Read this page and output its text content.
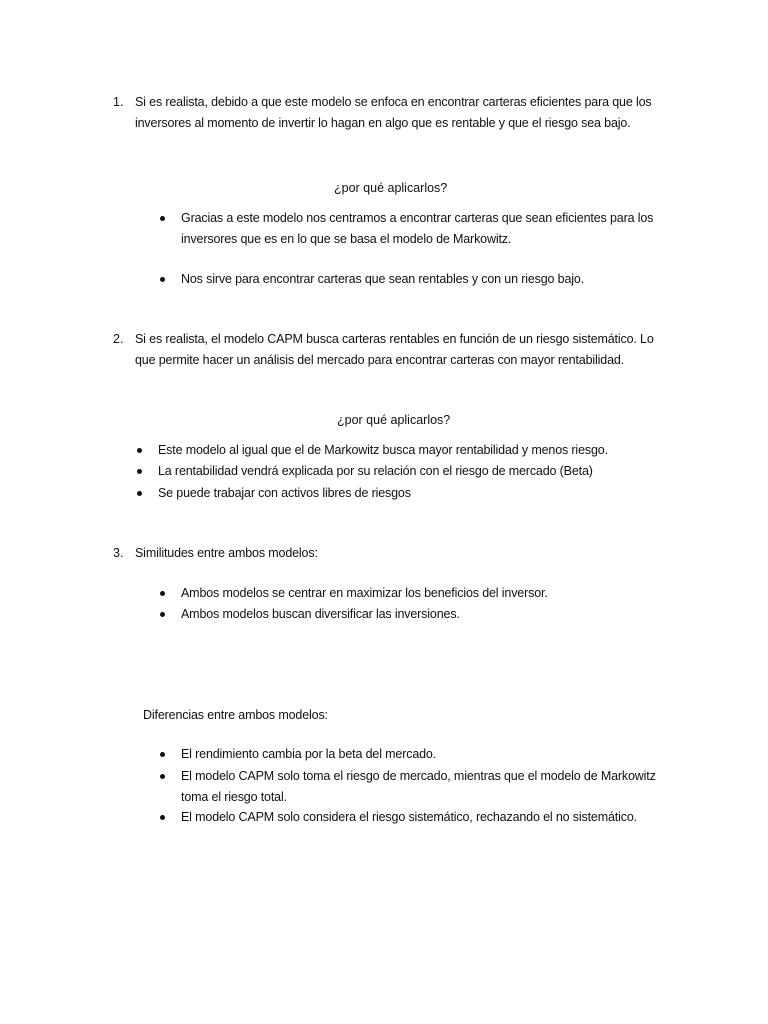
1. Si es realista, debido a que este modelo se enfoca en encontrar carteras eficientes para que los
inversores al momento de invertir lo hagan en algo que es rentable y que el riesgo sea bajo.
¿por qué aplicarlos?
Gracias a este modelo nos centramos a encontrar carteras que sean eficientes para los
inversores que es en lo que se basa el modelo de Markowitz.
Nos sirve para encontrar carteras que sean rentables y con un riesgo bajo.
2. Si es realista, el modelo CAPM busca carteras rentables en función de un riesgo sistemático. Lo
que permite hacer un análisis del mercado para encontrar carteras con mayor rentabilidad.
¿por qué aplicarlos?
Este modelo al igual que el de Markowitz busca mayor rentabilidad y menos riesgo.
La rentabilidad vendrá explicada por su relación con el riesgo de mercado (Beta)
Se puede trabajar con activos libres de riesgos
3. Similitudes entre ambos modelos:
Ambos modelos se centrar en maximizar los beneficios del inversor.
Ambos modelos buscan diversificar las inversiones.
Diferencias entre ambos modelos:
El rendimiento cambia por la beta del mercado.
El modelo CAPM solo toma el riesgo de mercado, mientras que el modelo de Markowitz
toma el riesgo total.
El modelo CAPM solo considera el riesgo sistemático, rechazando el no sistemático.
